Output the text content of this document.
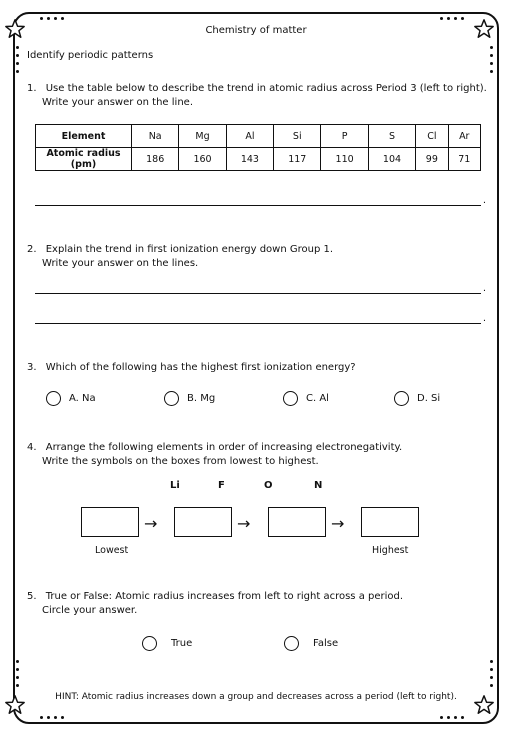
Chemistry of matter
Identify periodic patterns
1. Use the table below to describe the trend in atomic radius across Period 3 (left to right).
Write your answer on the line.
Element	Na	Mg	Al	Si	P	S	Cl	Ar
Atomic radius (pm)	186	160	143	117	110	104	99	71
.
2. Explain the trend in first ionization energy down Group 1.
Write your answer on the lines.
.
.
3. Which of the following has the highest first ionization energy?
A. Na	B. Mg	C. Al	D. Si
4. Arrange the following elements in order of increasing electronegativity.
Write the symbols on the boxes from lowest to highest.
Li	F	O	N
→	→	→
Lowest	Highest
5. True or False: Atomic radius increases from left to right across a period.
Circle your answer.
True	False
HINT: Atomic radius increases down a group and decreases across a period (left to right).
